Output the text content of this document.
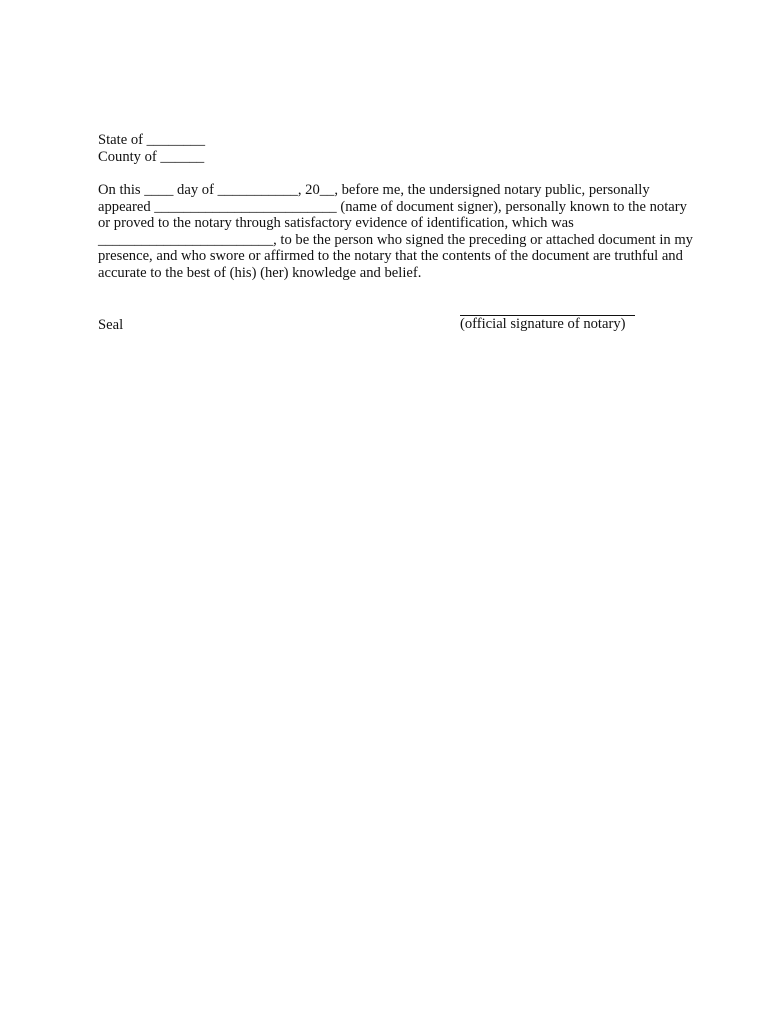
State of ________
County of ______
On this ____ day of ___________, 20__, before me, the undersigned notary public, personally
appeared _________________________ (name of document signer), personally known to the notary
or proved to the notary through satisfactory evidence of identification, which was
________________________, to be the person who signed the preceding or attached document in my
presence, and who swore or affirmed to the notary that the contents of the document are truthful and
accurate to the best of (his) (her) knowledge and belief.
Seal	(official signature of notary)
